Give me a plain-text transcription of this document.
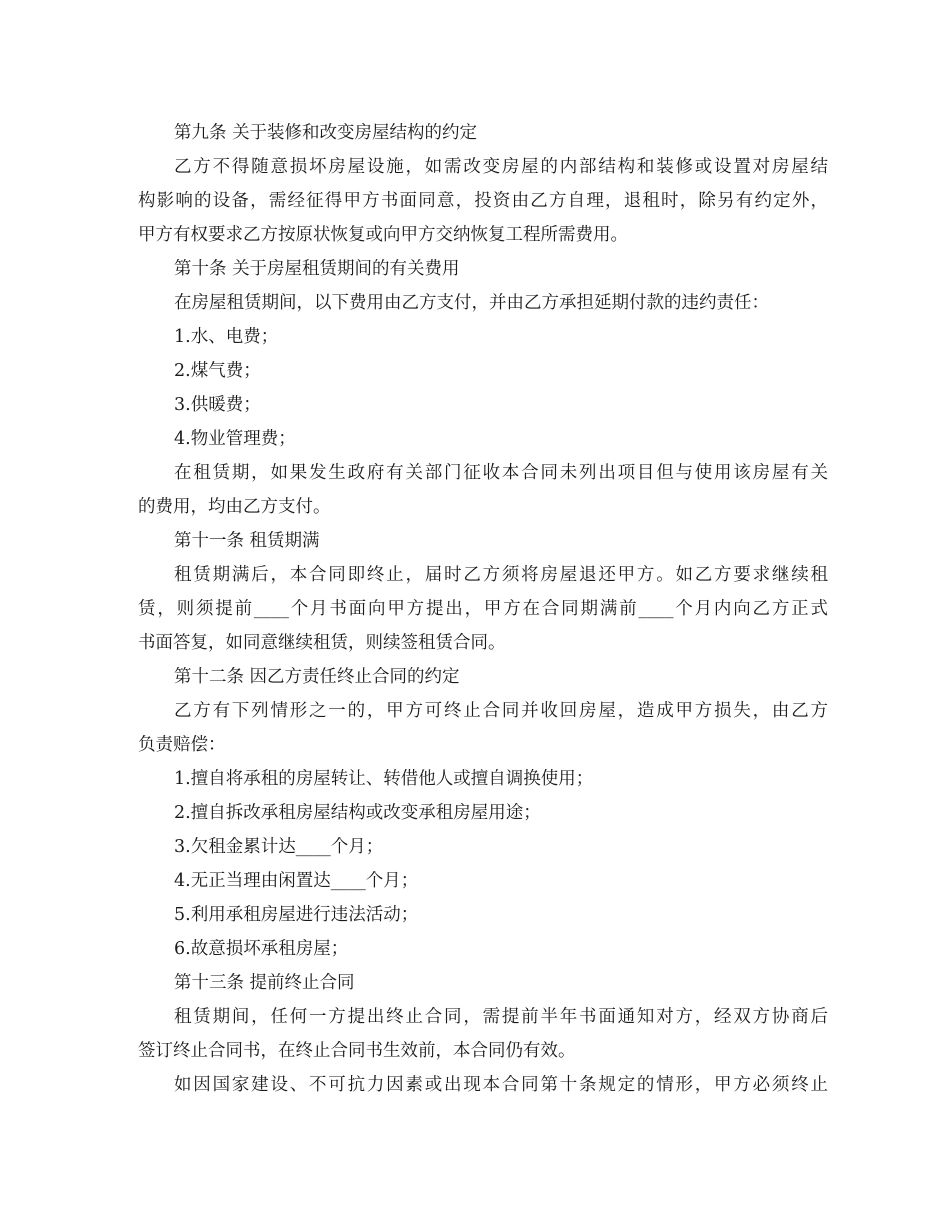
第九条 关于装修和改变房屋结构的约定
乙方不得随意损坏房屋设施，如需改变房屋的内部结构和装修或设置对房屋结
构影响的设备，需经征得甲方书面同意，投资由乙方自理，退租时，除另有约定外，
甲方有权要求乙方按原状恢复或向甲方交纳恢复工程所需费用。
第十条 关于房屋租赁期间的有关费用
在房屋租赁期间，以下费用由乙方支付，并由乙方承担延期付款的违约责任：
1.水、电费；
2.煤气费；
3.供暖费；
4.物业管理费；
在租赁期，如果发生政府有关部门征收本合同未列出项目但与使用该房屋有关
的费用，均由乙方支付。
第十一条 租赁期满
租赁期满后，本合同即终止，届时乙方须将房屋退还甲方。如乙方要求继续租
赁，则须提前____个月书面向甲方提出，甲方在合同期满前____个月内向乙方正式
书面答复，如同意继续租赁，则续签租赁合同。
第十二条 因乙方责任终止合同的约定
乙方有下列情形之一的，甲方可终止合同并收回房屋，造成甲方损失，由乙方
负责赔偿：
1.擅自将承租的房屋转让、转借他人或擅自调换使用；
2.擅自拆改承租房屋结构或改变承租房屋用途；
3.欠租金累计达____个月；
4.无正当理由闲置达____个月；
5.利用承租房屋进行违法活动；
6.故意损坏承租房屋；
第十三条 提前终止合同
租赁期间，任何一方提出终止合同，需提前半年书面通知对方，经双方协商后
签订终止合同书，在终止合同书生效前，本合同仍有效。
如因国家建设、不可抗力因素或出现本合同第十条规定的情形，甲方必须终止
